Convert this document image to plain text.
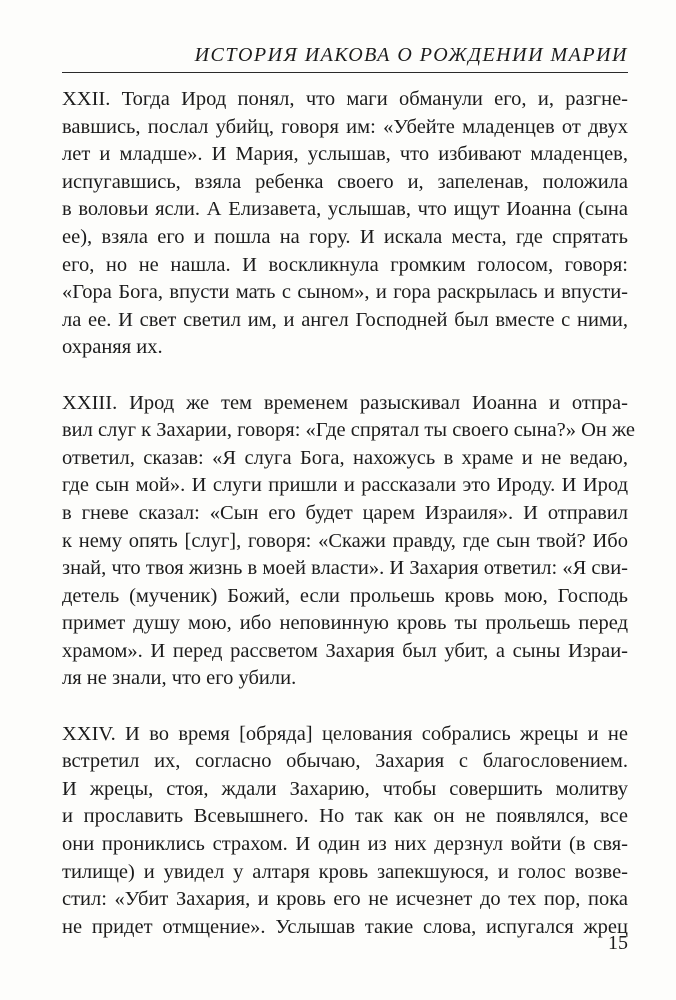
ИСТОРИЯ ИАКОВА О РОЖДЕНИИ МАРИИ
XXII. Тогда Ирод понял, что маги обманули его, и, разгне-
вавшись, послал убийц, говоря им: «Убейте младенцев от двух
лет и младше». И Мария, услышав, что избивают младенцев,
испугавшись, взяла ребенка своего и, запеленав, положила
в воловьи ясли. А Елизавета, услышав, что ищут Иоанна (сына
ее), взяла его и пошла на гору. И искала места, где спрятать
его, но не нашла. И воскликнула громким голосом, говоря:
«Гора Бога, впусти мать с сыном», и гора раскрылась и впусти-
ла ее. И свет светил им, и ангел Господней был вместе с ними,
охраняя их.
XXIII. Ирод же тем временем разыскивал Иоанна и отпра-
вил слуг к Захарии, говоря: «Где спрятал ты своего сына?» Он же
ответил, сказав: «Я слуга Бога, нахожусь в храме и не ведаю,
где сын мой». И слуги пришли и рассказали это Ироду. И Ирод
в гневе сказал: «Сын его будет царем Израиля». И отправил
к нему опять [слуг], говоря: «Скажи правду, где сын твой? Ибо
знай, что твоя жизнь в моей власти». И Захария ответил: «Я сви-
детель (мученик) Божий, если прольешь кровь мою, Господь
примет душу мою, ибо неповинную кровь ты прольешь перед
храмом». И перед рассветом Захария был убит, а сыны Израи-
ля не знали, что его убили.
XXIV. И во время [обряда] целования собрались жрецы и не
встретил их, согласно обычаю, Захария с благословением.
И жрецы, стоя, ждали Захарию, чтобы совершить молитву
и прославить Всевышнего. Но так как он не появлялся, все
они прониклись страхом. И один из них дерзнул войти (в свя-
тилище) и увидел у алтаря кровь запекшуюся, и голос возве-
стил: «Убит Захария, и кровь его не исчезнет до тех пор, пока
не придет отмщение». Услышав такие слова, испугался жрец
15
